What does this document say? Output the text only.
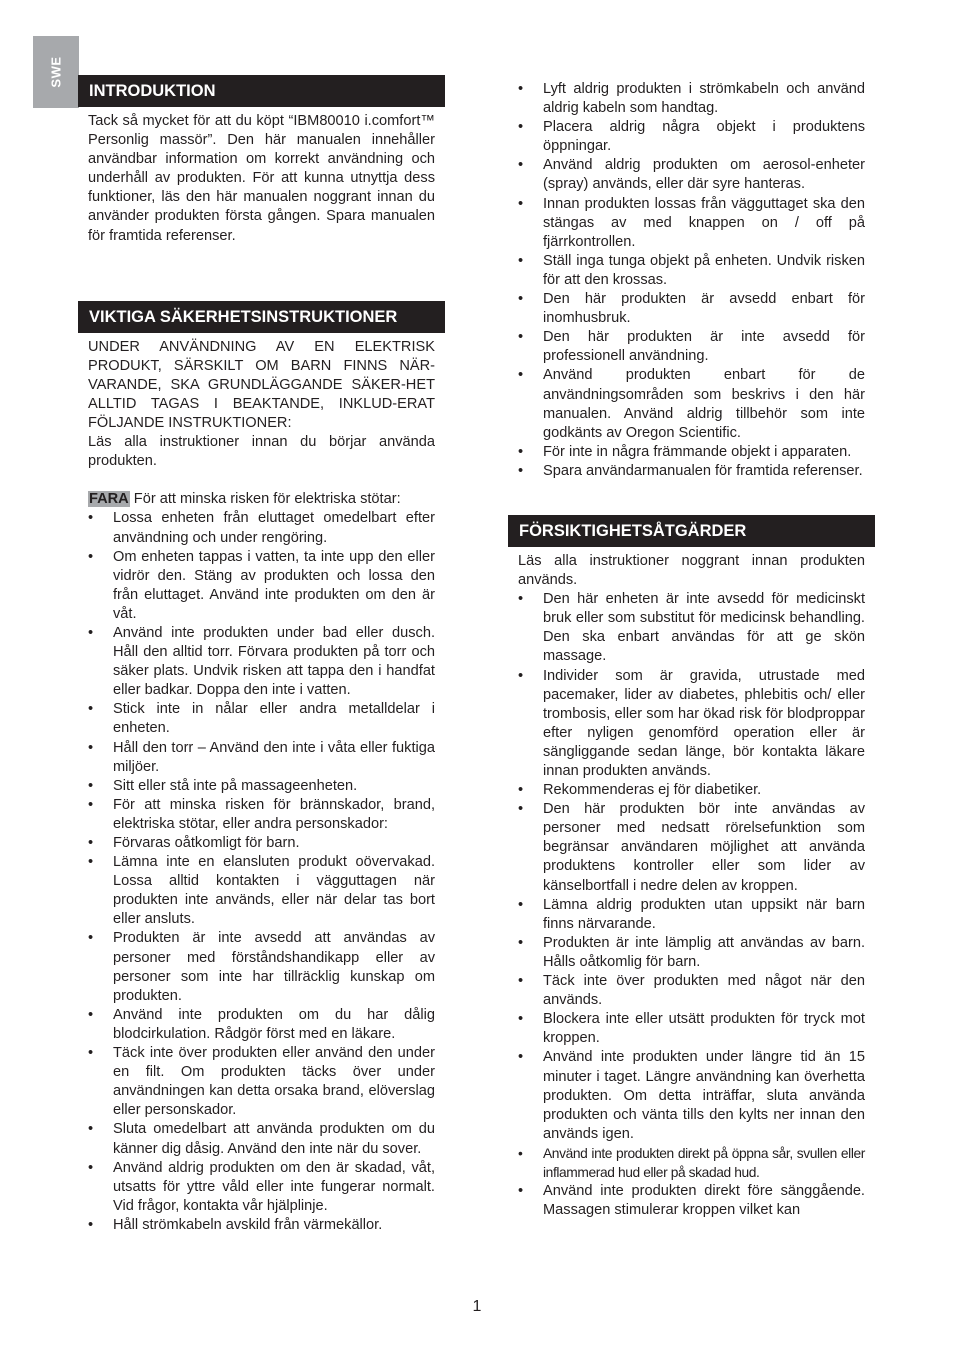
SWE
INTRODUKTION

Tack så mycket för att du köpt “IBM80010 i.comfort™ Personlig massör”. Den här manualen innehåller användbar information om korrekt användning och underhåll av produkten. För att kunna utnyttja dess funktioner, läs den här manualen noggrant innan du använder produkten första gången. Spara manualen för framtida referenser.

VIKTIGA SÄKERHETSINSTRUKTIONER

UNDER ANVÄNDNING AV EN ELEKTRISK PRODUKT, SÄRSKILT OM BARN FINNS NÄR-VARANDE, SKA GRUNDLÄGGANDE SÄKER-HET ALLTID TAGAS I BEAKTANDE, INKLUD-ERAT FÖLJANDE INSTRUKTIONER:

Läs alla instruktioner innan du börjar använda produkten.

FARA För att minska risken för elektriska stötar:

• Lossa enheten från eluttaget omedelbart efter användning och under rengöring.
• Om enheten tappas i vatten, ta inte upp den eller vidrör den. Stäng av produkten och lossa den från eluttaget. Använd inte produkten om den är våt.
• Använd inte produkten under bad eller dusch. Håll den alltid torr. Förvara produkten på torr och säker plats. Undvik risken att tappa den i handfat eller badkar. Doppa den inte i vatten.
• Stick inte in nålar eller andra metalldelar i enheten.
• Håll den torr – Använd den inte i våta eller fuktiga miljöer.
• Sitt eller stå inte på massageenheten.
• För att minska risken för brännskador, brand, elektriska stötar, eller andra personskador:
• Förvaras oåtkomligt för barn.
• Lämna inte en elansluten produkt oövervakad. Lossa alltid kontakten i vägguttagen när produkten inte används, eller när delar tas bort eller ansluts.
• Produkten är inte avsedd att användas av personer med förståndshandikapp eller av personer som inte har tillräcklig kunskap om produkten.
• Använd inte produkten om du har dålig blodcirkulation. Rådgör först med en läkare.
• Täck inte över produkten eller använd den under en filt. Om produkten täcks över under användningen kan detta orsaka brand, elöverslag eller personskador.
• Sluta omedelbart att använda produkten om du känner dig dåsig. Använd den inte när du sover.
• Använd aldrig produkten om den är skadad, våt, utsatts för yttre våld eller inte fungerar normalt. Vid frågor, kontakta vår hjälplinje.
• Håll strömkabeln avskild från värmekällor.
• Lyft aldrig produkten i strömkabeln och använd aldrig kabeln som handtag.
• Placera aldrig några objekt i produktens öppningar.
• Använd aldrig produkten om aerosol-enheter (spray) används, eller där syre hanteras.
• Innan produkten lossas från vägguttaget ska den stängas av med knappen on / off på fjärrkontrollen.
• Ställ inga tunga objekt på enheten. Undvik risken för att den krossas.
• Den här produkten är avsedd enbart för inomhusbruk.
• Den här produkten är inte avsedd för professionell användning.
• Använd produkten enbart för de användningsområden som beskrivs i den här manualen. Använd aldrig tillbehör som inte godkänts av Oregon Scientific.
• För inte in några främmande objekt i apparaten.
• Spara användarmanualen för framtida referenser.
FÖRSIKTIGHETSÅTGÄRDER

Läs alla instruktioner noggrant innan produkten används.

• Den här enheten är inte avsedd för medicinskt bruk eller som substitut för medicinsk behandling. Den ska enbart användas för att ge skön massage.
• Individer som är gravida, utrustade med pacemaker, lider av diabetes, phlebitis och/ eller trombosis, eller som har ökad risk för blodproppar efter nyligen genomförd operation eller är sängliggande sedan länge, bör kontakta läkare innan produkten används.
• Rekommenderas ej för diabetiker.
• Den här produkten bör inte användas av personer med nedsatt rörelsefunktion som begränsar användaren möjlighet att använda produktens kontroller eller som lider av känselbortfall i nedre delen av kroppen.
• Lämna aldrig produkten utan uppsikt när barn finns närvarande.
• Produkten är inte lämplig att användas av barn. Hålls oåtkomlig för barn.
• Täck inte över produkten med något när den används.
• Blockera inte eller utsätt produkten för tryck mot kroppen.
• Använd inte produkten under längre tid än 15 minuter i taget. Längre användning kan överhetta produkten. Om detta inträffar, sluta använda produkten och vänta tills den kylts ner innan den används igen.
• Använd inte produkten direkt på öppna sår, svullen eller inflammerad hud eller på skadad hud.
• Använd inte produkten direkt före sänggående. Massagen stimulerar kroppen vilket kan
1
